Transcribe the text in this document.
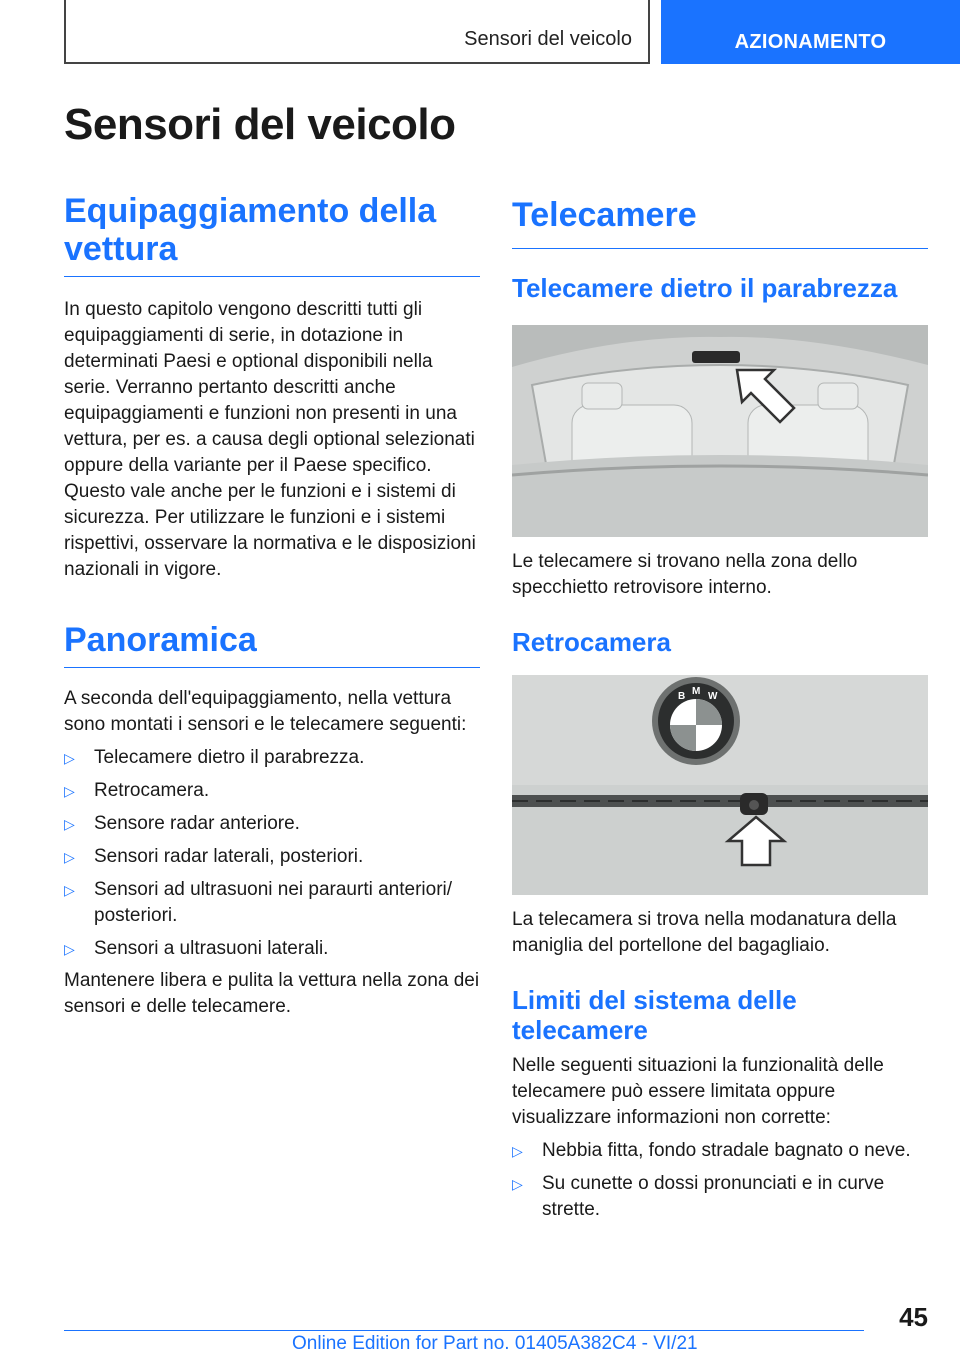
Sensori del veicolo	AZIONAMENTO
Sensori del veicolo
Equipaggiamento della vettura

In questo capitolo vengono descritti tutti gli equipaggiamenti di serie, in dotazione in determinati Paesi e optional disponibili nella serie. Verranno pertanto descritti anche equipaggiamenti e funzioni non presenti in una vettura, per es. a causa degli optional selezionati oppure della variante per il Paese specifico. Questo vale anche per le funzioni e i sistemi di sicurezza. Per utilizzare le funzioni e i sistemi rispettivi, osservare la normativa e le disposizioni nazionali in vigore.

Panoramica

A seconda dell'equipaggiamento, nella vettura sono montati i sensori e le telecamere seguenti:

▷ Telecamere dietro il parabrezza.
▷ Retrocamera.
▷ Sensore radar anteriore.
▷ Sensori radar laterali, posteriori.
▷ Sensori ad ultrasuoni nei paraurti anteriori/ posteriori.
▷ Sensori a ultrasuoni laterali.

Mantenere libera e pulita la vettura nella zona dei sensori e delle telecamere.

Telecamere
Telecamere dietro il parabrezza

Le telecamere si trovano nella zona dello specchietto retrovisore interno.

Retrocamera
B M W

La telecamera si trova nella modanatura della maniglia del portellone del bagagliaio.

Limiti del sistema delle telecamere

Nelle seguenti situazioni la funzionalità delle telecamere può essere limitata oppure visualizzare informazioni non corrette:

▷ Nebbia fitta, fondo stradale bagnato o neve.
▷ Su cunette o dossi pronunciati e in curve strette.
45
Online Edition for Part no. 01405A382C4 - VI/21
